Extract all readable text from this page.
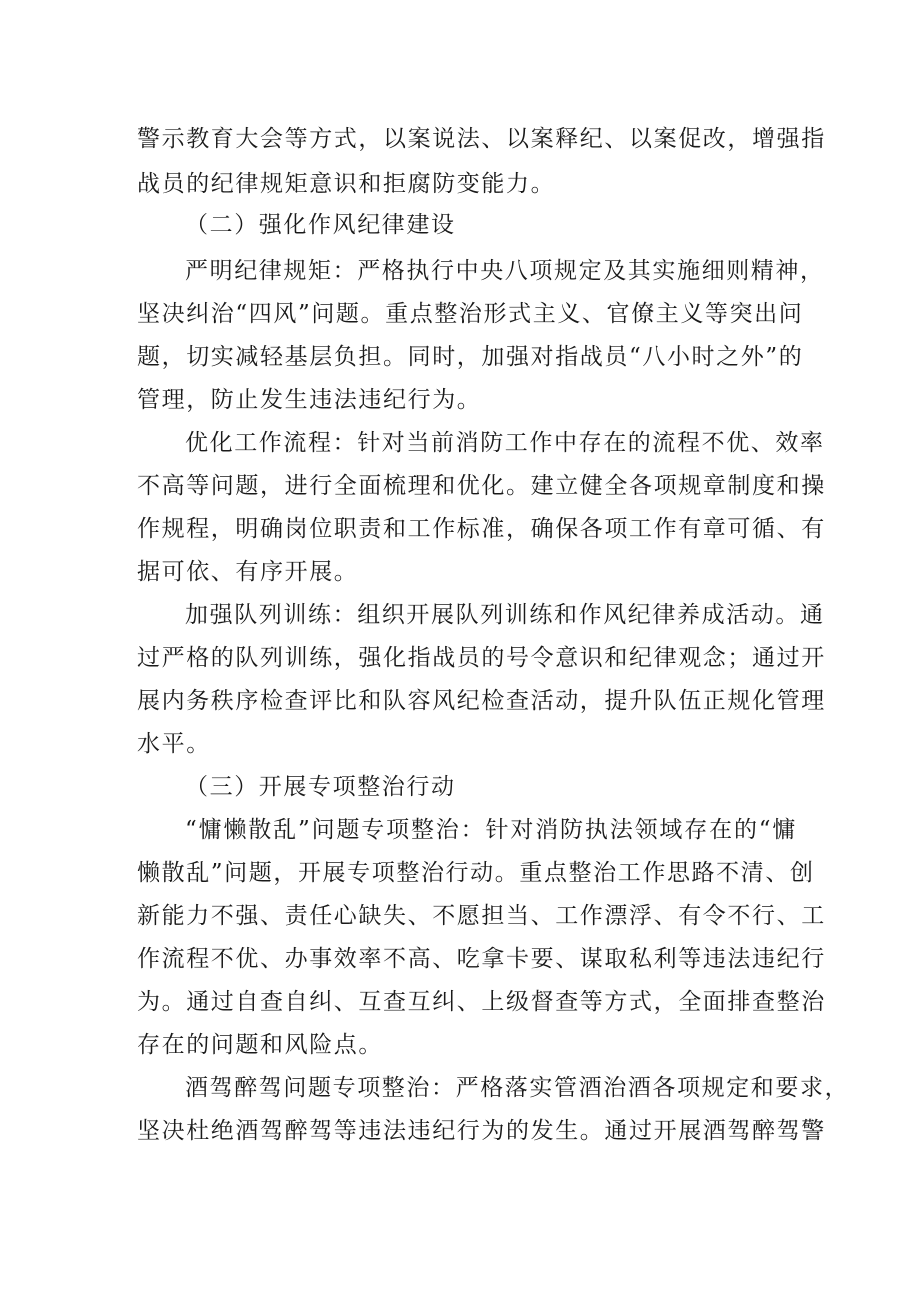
警示教育大会等方式，以案说法、以案释纪、以案促改，增强指
战员的纪律规矩意识和拒腐防变能力。
（二）强化作风纪律建设
严明纪律规矩：严格执行中央八项规定及其实施细则精神，
坚决纠治“四风”问题。重点整治形式主义、官僚主义等突出问
题，切实减轻基层负担。同时，加强对指战员“八小时之外”的
管理，防止发生违法违纪行为。
优化工作流程：针对当前消防工作中存在的流程不优、效率
不高等问题，进行全面梳理和优化。建立健全各项规章制度和操
作规程，明确岗位职责和工作标准，确保各项工作有章可循、有
据可依、有序开展。
加强队列训练：组织开展队列训练和作风纪律养成活动。通
过严格的队列训练，强化指战员的号令意识和纪律观念；通过开
展内务秩序检查评比和队容风纪检查活动，提升队伍正规化管理
水平。
（三）开展专项整治行动
“慵懒散乱”问题专项整治：针对消防执法领域存在的“慵
懒散乱”问题，开展专项整治行动。重点整治工作思路不清、创
新能力不强、责任心缺失、不愿担当、工作漂浮、有令不行、工
作流程不优、办事效率不高、吃拿卡要、谋取私利等违法违纪行
为。通过自查自纠、互查互纠、上级督查等方式，全面排查整治
存在的问题和风险点。
酒驾醉驾问题专项整治：严格落实管酒治酒各项规定和要求，
坚决杜绝酒驾醉驾等违法违纪行为的发生。通过开展酒驾醉驾警
